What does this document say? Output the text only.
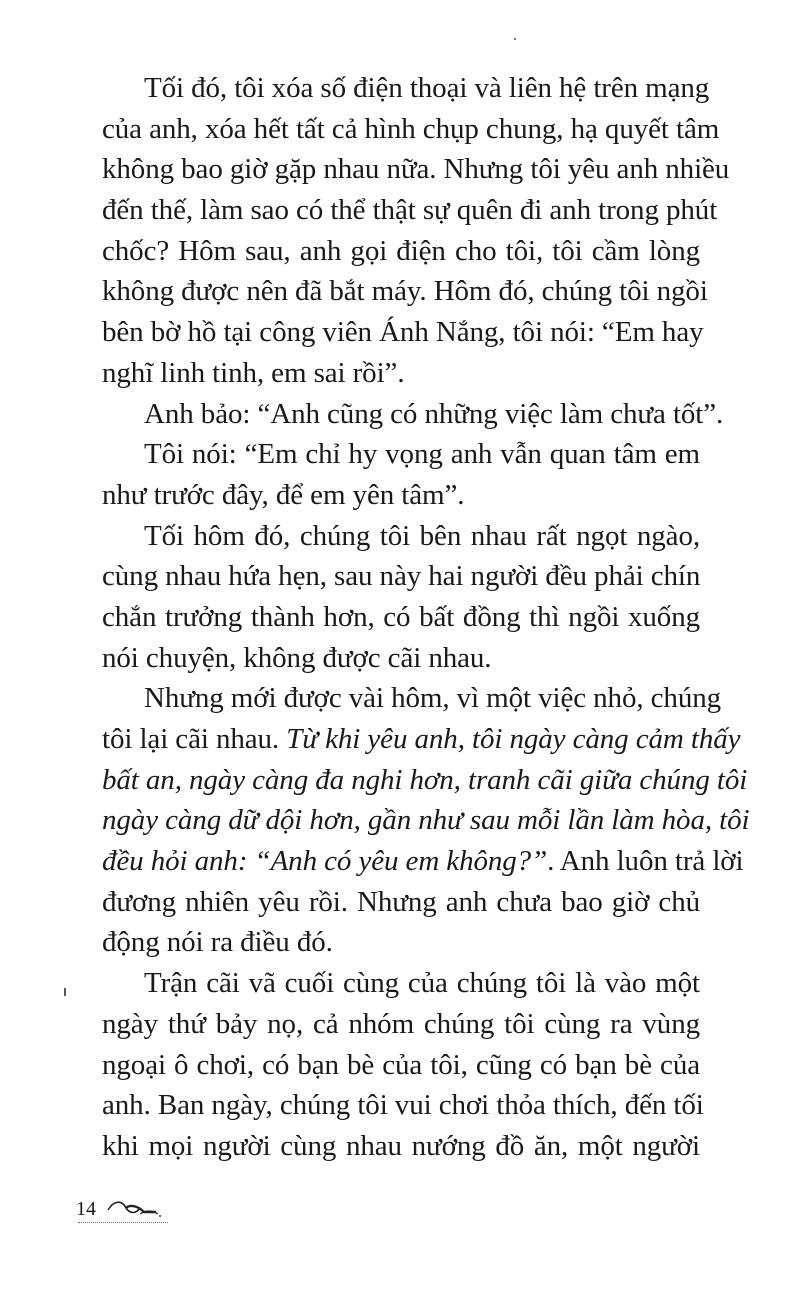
Tối đó, tôi xóa số điện thoại và liên hệ trên mạng
của anh, xóa hết tất cả hình chụp chung, hạ quyết tâm
không bao giờ gặp nhau nữa. Nhưng tôi yêu anh nhiều
đến thế, làm sao có thể thật sự quên đi anh trong phút
chốc? Hôm sau, anh gọi điện cho tôi, tôi cầm lòng
không được nên đã bắt máy. Hôm đó, chúng tôi ngồi
bên bờ hồ tại công viên Ánh Nắng, tôi nói: “Em hay
nghĩ linh tinh, em sai rồi”.
Anh bảo: “Anh cũng có những việc làm chưa tốt”.
Tôi nói: “Em chỉ hy vọng anh vẫn quan tâm em
như trước đây, để em yên tâm”.
Tối hôm đó, chúng tôi bên nhau rất ngọt ngào,
cùng nhau hứa hẹn, sau này hai người đều phải chín
chắn trưởng thành hơn, có bất đồng thì ngồi xuống
nói chuyện, không được cãi nhau.
Nhưng mới được vài hôm, vì một việc nhỏ, chúng
tôi lại cãi nhau. Từ khi yêu anh, tôi ngày càng cảm thấy
bất an, ngày càng đa nghi hơn, tranh cãi giữa chúng tôi
ngày càng dữ dội hơn, gần như sau mỗi lần làm hòa, tôi
đều hỏi anh: “Anh có yêu em không?”. Anh luôn trả lời
đương nhiên yêu rồi. Nhưng anh chưa bao giờ chủ
động nói ra điều đó.
Trận cãi vã cuối cùng của chúng tôi là vào một
ngày thứ bảy nọ, cả nhóm chúng tôi cùng ra vùng
ngoại ô chơi, có bạn bè của tôi, cũng có bạn bè của
anh. Ban ngày, chúng tôi vui chơi thỏa thích, đến tối
khi mọi người cùng nhau nướng đồ ăn, một người
14
